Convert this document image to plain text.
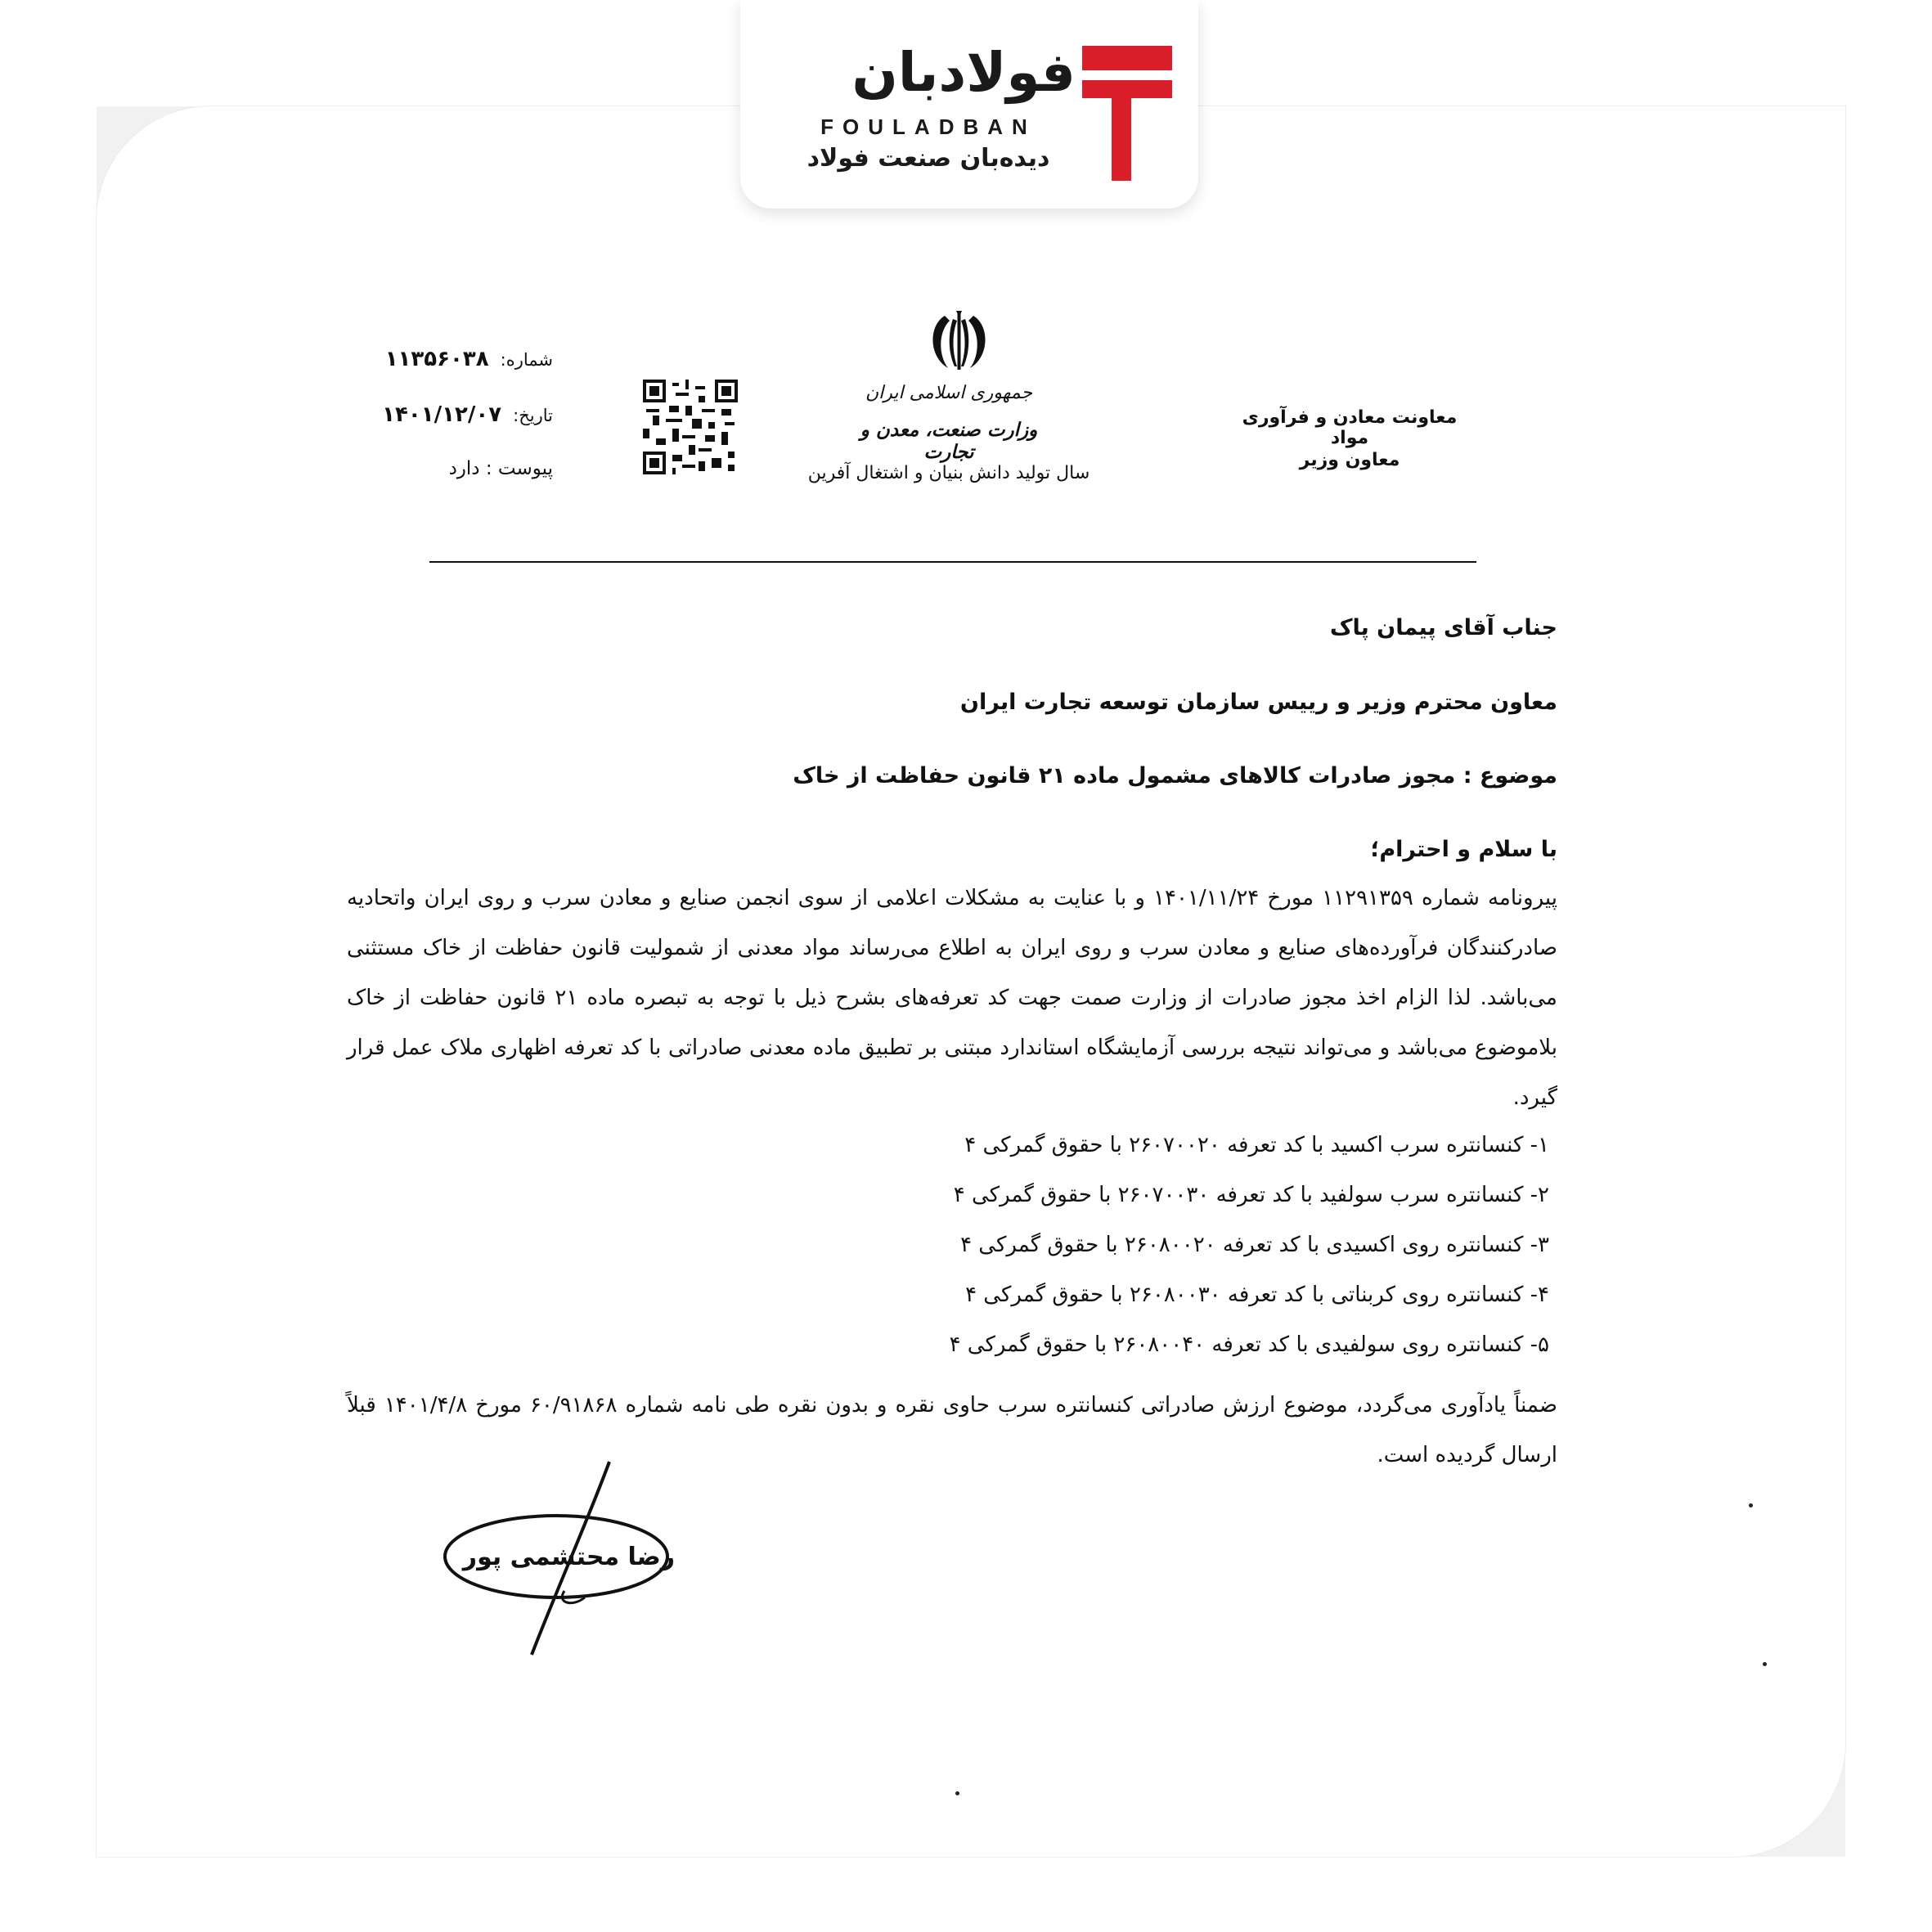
فولادبان
FOULADBAN
دیده‌بان صنعت فولاد
جمهوری اسلامی ایران
وزارت صنعت، معدن و تجارت
سال تولید دانش بنیان و اشتغال آفرین
شماره:۱۱۳۵۶۰۳۸
تاریخ:۱۴۰۱/۱۲/۰۷
پیوست : دارد
معاونت معادن و فرآوری مواد
معاون وزیر
جناب آقای پیمان پاک
معاون محترم وزیر و رییس سازمان توسعه تجارت ایران
موضوع : مجوز صادرات کالاهای مشمول ماده ۲۱ قانون حفاظت از خاک
با سلام و احترام؛
پیرونامه شماره ۱۱۲۹۱۳۵۹ مورخ ۱۴۰۱/۱۱/۲۴ و با عنایت به مشکلات اعلامی از سوی انجمن صنایع و معادن سرب و روی ایران واتحادیه صادرکنندگان فرآورده‌های صنایع و معادن سرب و روی ایران به اطلاع می‌رساند مواد معدنی از شمولیت قانون حفاظت از خاک مستثنی می‌باشد. لذا الزام اخذ مجوز صادرات از وزارت صمت جهت کد تعرفه‌های بشرح ذیل با توجه به تبصره ماده ۲۱ قانون حفاظت از خاک بلاموضوع می‌باشد و می‌تواند نتیجه بررسی آزمایشگاه استاندارد مبتنی بر تطبیق ماده معدنی صادراتی با کد تعرفه اظهاری ملاک عمل قرار گیرد.
۱- کنسانتره سرب اکسید با کد تعرفه ۲۶۰۷۰۰۲۰ با حقوق گمرکی ۴
۲- کنسانتره سرب سولفید با کد تعرفه ۲۶۰۷۰۰۳۰ با حقوق گمرکی ۴
۳- کنسانتره روی اکسیدی با کد تعرفه ۲۶۰۸۰۰۲۰ با حقوق گمرکی ۴
۴- کنسانتره روی کربناتی با کد تعرفه ۲۶۰۸۰۰۳۰ با حقوق گمرکی ۴
۵- کنسانتره روی سولفیدی با کد تعرفه ۲۶۰۸۰۰۴۰ با حقوق گمرکی ۴
ضمناً یادآوری می‌گردد، موضوع ارزش صادراتی کنسانتره سرب حاوی نقره و بدون نقره طی نامه شماره ۶۰/۹۱۸۶۸ مورخ ۱۴۰۱/۴/۸ قبلاً ارسال گردیده است.
رضا محتشمی پور
